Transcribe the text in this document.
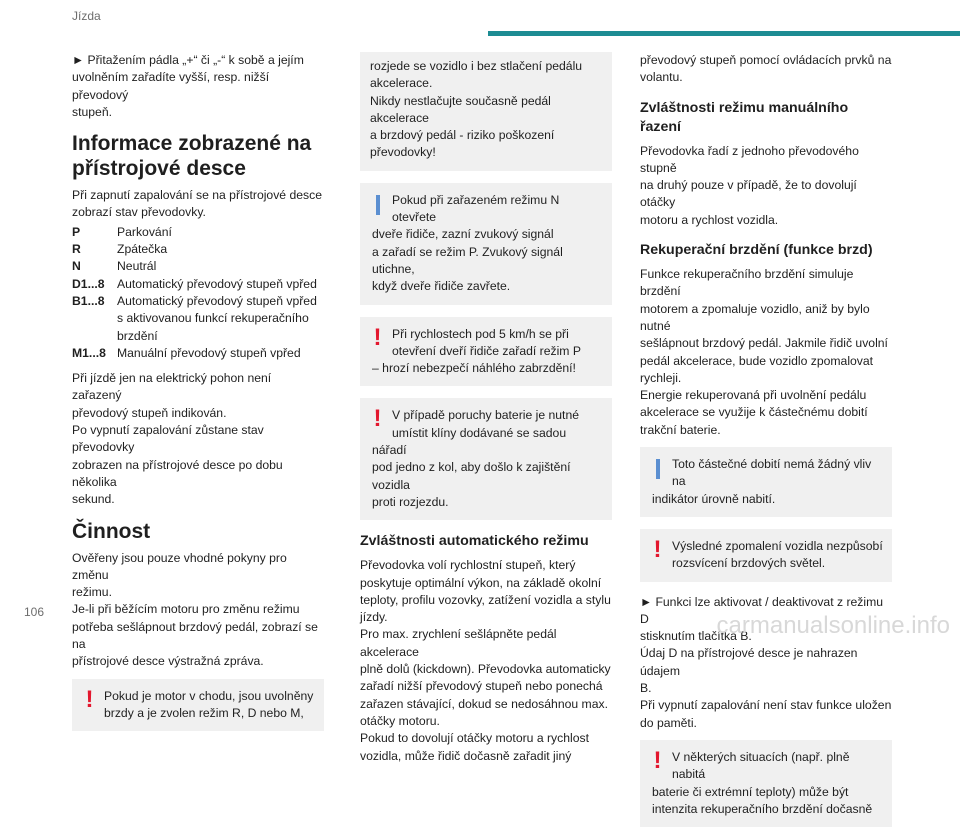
Jízda

► Přitažením pádla „+“ či „-“ k sobě a jejím
uvolněním zařadíte vyšší, resp. nižší převodový
stupeň.

Informace zobrazené na
přístrojové desce

Při zapnutí zapalování se na přístrojové desce
zobrazí stav převodovky.

P	Parkování
R	Zpátečka
N	Neutrál
D1...8	Automatický převodový stupeň vpřed
B1...8	Automatický převodový stupeň vpřed
s aktivovanou funkcí rekuperačního
brzdění
M1...8 Manuální převodový stupeň vpřed

Při jízdě jen na elektrický pohon není zařazený
převodový stupeň indikován.
Po vypnutí zapalování zůstane stav převodovky
zobrazen na přístrojové desce po dobu několika
sekund.

Činnost

Ověřeny jsou pouze vhodné pokyny pro změnu
režimu.
Je-li při běžícím motoru pro změnu režimu
potřeba sešlápnout brzdový pedál, zobrazí se na
přístrojové desce výstražná zpráva.

! Pokud je motor v chodu, jsou uvolněny
brzdy a je zvolen režim R, D nebo M,

rozjede se vozidlo i bez stlačení pedálu
akcelerace.
Nikdy nestlačujte současně pedál akcelerace
a brzdový pedál - riziko poškození
převodovky!

Pokud při zařazeném režimu N otevřete
dveře řidiče, zazní zvukový signál
a zařadí se režim P. Zvukový signál utichne,
když dveře řidiče zavřete.

! Při rychlostech pod 5 km/h se při
otevření dveří řidiče zařadí režim P
– hrozí nebezpečí náhlého zabrzdění!

! V případě poruchy baterie je nutné
umístit klíny dodávané se sadou nářadí
pod jedno z kol, aby došlo k zajištění vozidla
proti rozjezdu.

Zvláštnosti automatického režimu

Převodovka volí rychlostní stupeň, který
poskytuje optimální výkon, na základě okolní
teploty, profilu vozovky, zatížení vozidla a stylu
jízdy.
Pro max. zrychlení sešlápněte pedál akcelerace
plně dolů (kickdown). Převodovka automaticky
zařadí nižší převodový stupeň nebo ponechá
zařazen stávající, dokud se nedosáhnou max.
otáčky motoru.
Pokud to dovolují otáčky motoru a rychlost
vozidla, může řidič dočasně zařadit jiný

převodový stupeň pomocí ovládacích prvků na
volantu.

Zvláštnosti režimu manuálního řazení

Převodovka řadí z jednoho převodového stupně
na druhý pouze v případě, že to dovolují otáčky
motoru a rychlost vozidla.

Rekuperační brzdění (funkce brzd)

Funkce rekuperačního brzdění simuluje brzdění
motorem a zpomaluje vozidlo, aniž by bylo nutné
sešlápnout brzdový pedál. Jakmile řidič uvolní
pedál akcelerace, bude vozidlo zpomalovat
rychleji.
Energie rekuperovaná při uvolnění pedálu
akcelerace se využije k částečnému dobití
trakční baterie.

Toto částečné dobití nemá žádný vliv na
indikátor úrovně nabití.

! Výsledné zpomalení vozidla nezpůsobí
rozsvícení brzdových světel.

► Funkci lze aktivovat / deaktivovat z režimu D
stisknutím tlačítka B.
Údaj D na přístrojové desce je nahrazen údajem
B.
Při vypnutí zapalování není stav funkce uložen
do paměti.

! V některých situacích (např. plně nabitá
baterie či extrémní teploty) může být
intenzita rekuperačního brzdění dočasně

106	carmanualsonline.info
